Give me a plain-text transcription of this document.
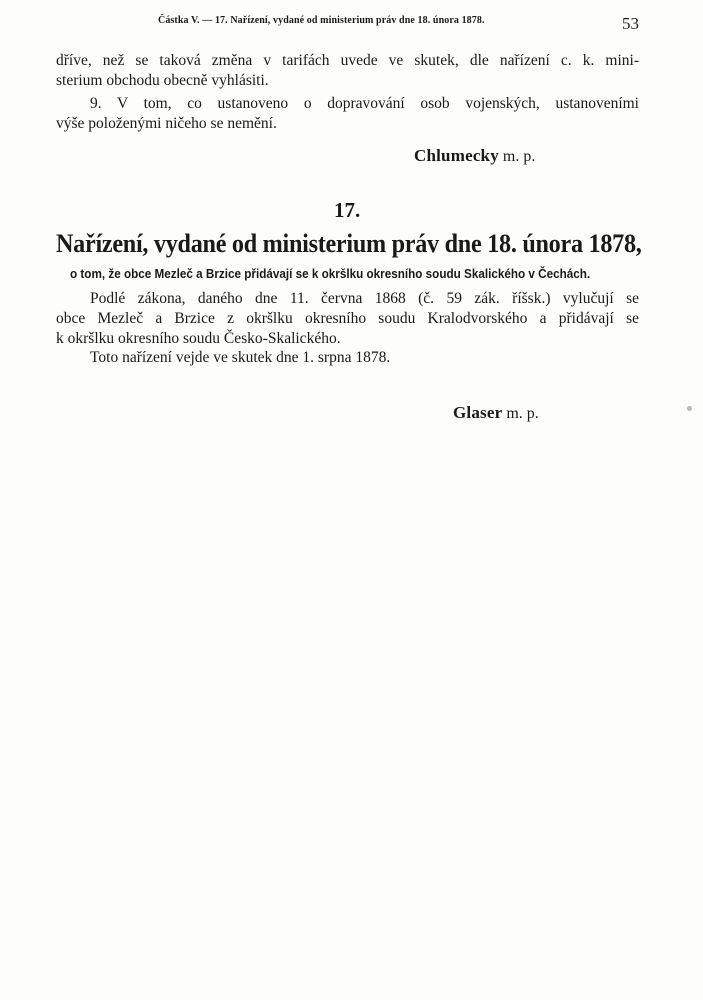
Částka V. — 17. Nařízení, vydané od ministerium práv dne 18. února 1878.	53
dříve, než se taková změna v tarifách uvede ve skutek, dle nařízení c. k. mini-
sterium obchodu obecně vyhlásiti.
9. V tom, co ustanoveno o dopravování osob vojenských, ustanoveními
výše položenými ničeho se nemění.
Chlumecky m. p.
17.
Nařízení, vydané od ministerium práv dne 18. února 1878,
o tom, že obce Mezleč a Brzice přidávají se k okršlku okresního soudu Skalického v Čechách.
Podlé zákona, daného dne 11. června 1868 (č. 59 zák. říšsk.) vylučují se
obce Mezleč a Brzice z okršlku okresního soudu Kralodvorského a přidávají se
k okršlku okresního soudu Česko-Skalického.
Toto nařízení vejde ve skutek dne 1. srpna 1878.
Glaser m. p.
